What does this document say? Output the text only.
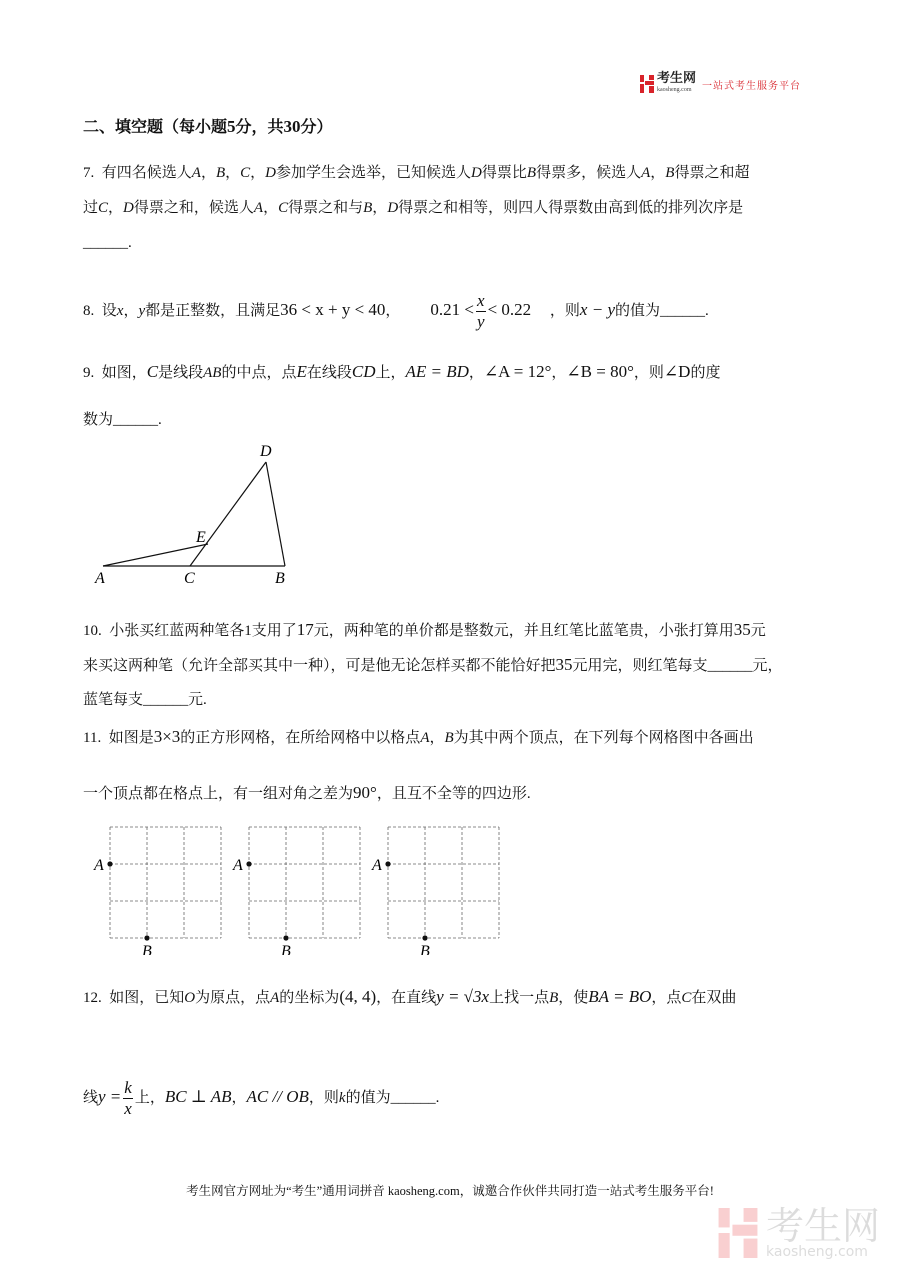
考生网
kaosheng.com	一站式考生服务平台
二、填空题（每小题5分，共30分）
7.  有四名候选人A，B，C，D参加学生会选举，已知候选人D得票比B得票多，候选人A，B得票之和超
过C，D得票之和，候选人A，C得票之和与B，D得票之和相等，则四人得票数由高到低的排列次序是
______.
8.  设x，y都是正整数，且满足36 < x + y < 40，        $0.21 < \frac{x}{y} < 0.22$     ，则x − y的值为______.
9.  如图，C是线段AB的中点，点E在线段CD上，AE = BD，∠A = 12°，∠B = 80°，则∠D的度
数为______.
10.  小张买红蓝两种笔各1支用了17元，两种笔的单价都是整数元，并且红笔比蓝笔贵，小张打算用35元
来买这两种笔（允许全部买其中一种），可是他无论怎样买都不能恰好把35元用完，则红笔每支______元，
蓝笔每支______元.
11.  如图是3×3的正方形网格，在所给网格中以格点A，B为其中两个顶点，在下列每个网格图中各画出
一个顶点都在格点上，有一组对角之差为90°，且互不全等的四边形.
12.  如图，已知O为原点，点A的坐标为(4, 4)，在直线y = √3x上找一点B，使BA = BO，点C在双曲
线$y = \frac{k}{x}$ 上，BC ⊥ AB，AC // OB，则k的值为______.
A	C	B
D
E
A
B
A
B
A
B
考生网官方网址为“考生”通用词拼音 kaosheng.com，诚邀合作伙伴共同打造一站式考生服务平台!
考生网
kaosheng.com
